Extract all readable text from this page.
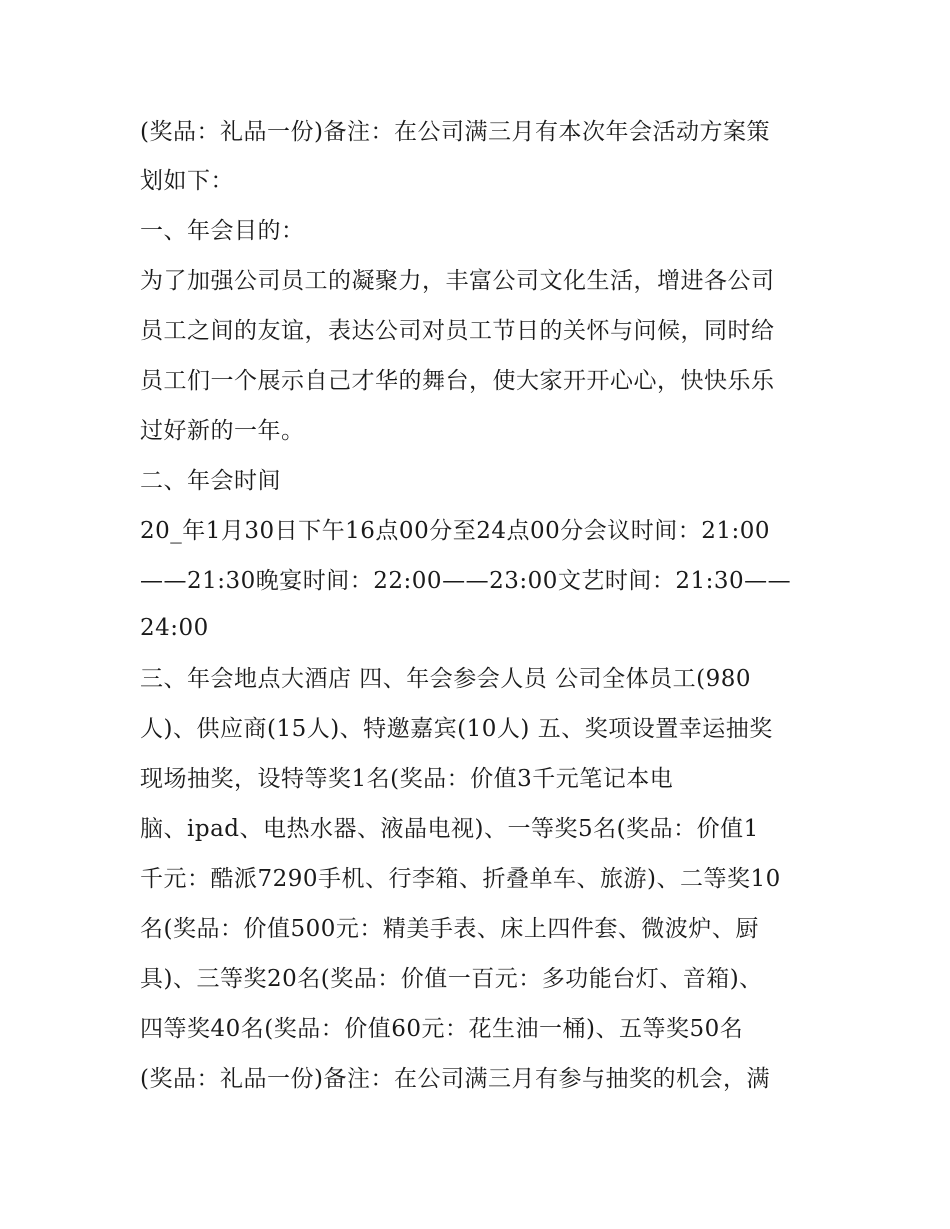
(奖品：礼品一份)备注：在公司满三月有本次年会活动方案策
划如下：
一、年会目的：
为了加强公司员工的凝聚力，丰富公司文化生活，增进各公司
员工之间的友谊，表达公司对员工节日的关怀与问候，同时给
员工们一个展示自己才华的舞台，使大家开开心心，快快乐乐
过好新的一年。
二、年会时间
20_年1月30日下午16点00分至24点00分会议时间：21:00
——21:30晚宴时间：22:00——23:00文艺时间：21:30——
24:00
三、年会地点大酒店 四、年会参会人员 公司全体员工(980
人)、供应商(15人)、特邀嘉宾(10人) 五、奖项设置幸运抽奖
现场抽奖，设特等奖1名(奖品：价值3千元笔记本电
脑、ipad、电热水器、液晶电视)、一等奖5名(奖品：价值1
千元：酷派7290手机、行李箱、折叠单车、旅游)、二等奖10
名(奖品：价值500元：精美手表、床上四件套、微波炉、厨
具)、三等奖20名(奖品：价值一百元：多功能台灯、音箱)、
四等奖40名(奖品：价值60元：花生油一桶)、五等奖50名
(奖品：礼品一份)备注：在公司满三月有参与抽奖的机会，满
